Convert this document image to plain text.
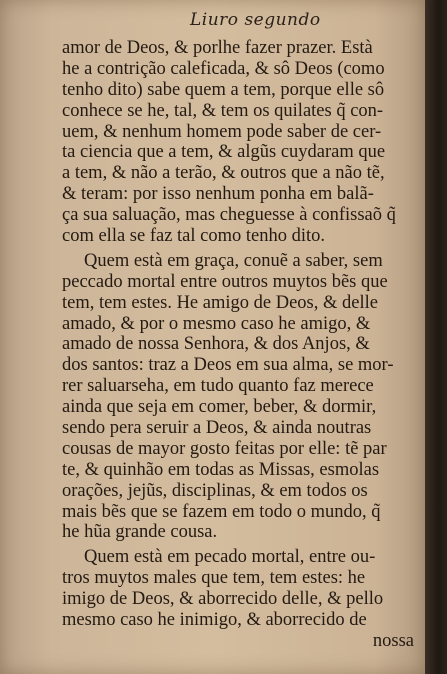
Liuro segundo
amor de Deos, & porlhe fazer prazer. Està
he a contrição caleficada, & sô Deos (como
tenho dito) sabe quem a tem, porque elle sô
conhece se he, tal, & tem os quilates q̃ con-
uem, & nenhum homem pode saber de cer-
ta ciencia que a tem, & algũs cuydaram que
a tem, & não a terão, & outros que a não tẽ,
& teram: por isso nenhum ponha em balã-
ça sua saluação, mas cheguesse à confissaõ q̃
com ella se faz tal como tenho dito.
Quem està em graça, conuẽ a saber, sem
peccado mortal entre outros muytos bẽs que
tem, tem estes. He amigo de Deos, & delle
amado, & por o mesmo caso he amigo, &
amado de nossa Senhora, & dos Anjos, &
dos santos: traz a Deos em sua alma, se mor-
rer saluarseha, em tudo quanto faz merece
ainda que seja em comer, beber, & dormir,
sendo pera seruir a Deos, & ainda noutras
cousas de mayor gosto feitas por elle: tẽ par
te, & quinhão em todas as Missas, esmolas
orações, jejũs, disciplinas, & em todos os
mais bẽs que se fazem em todo o mundo, q̃
he hũa grande cousa.
Quem està em pecado mortal, entre ou-
tros muytos males que tem, tem estes: he
imigo de Deos, & aborrecido delle, & pello
mesmo caso he inimigo, & aborrecido de
nossa
